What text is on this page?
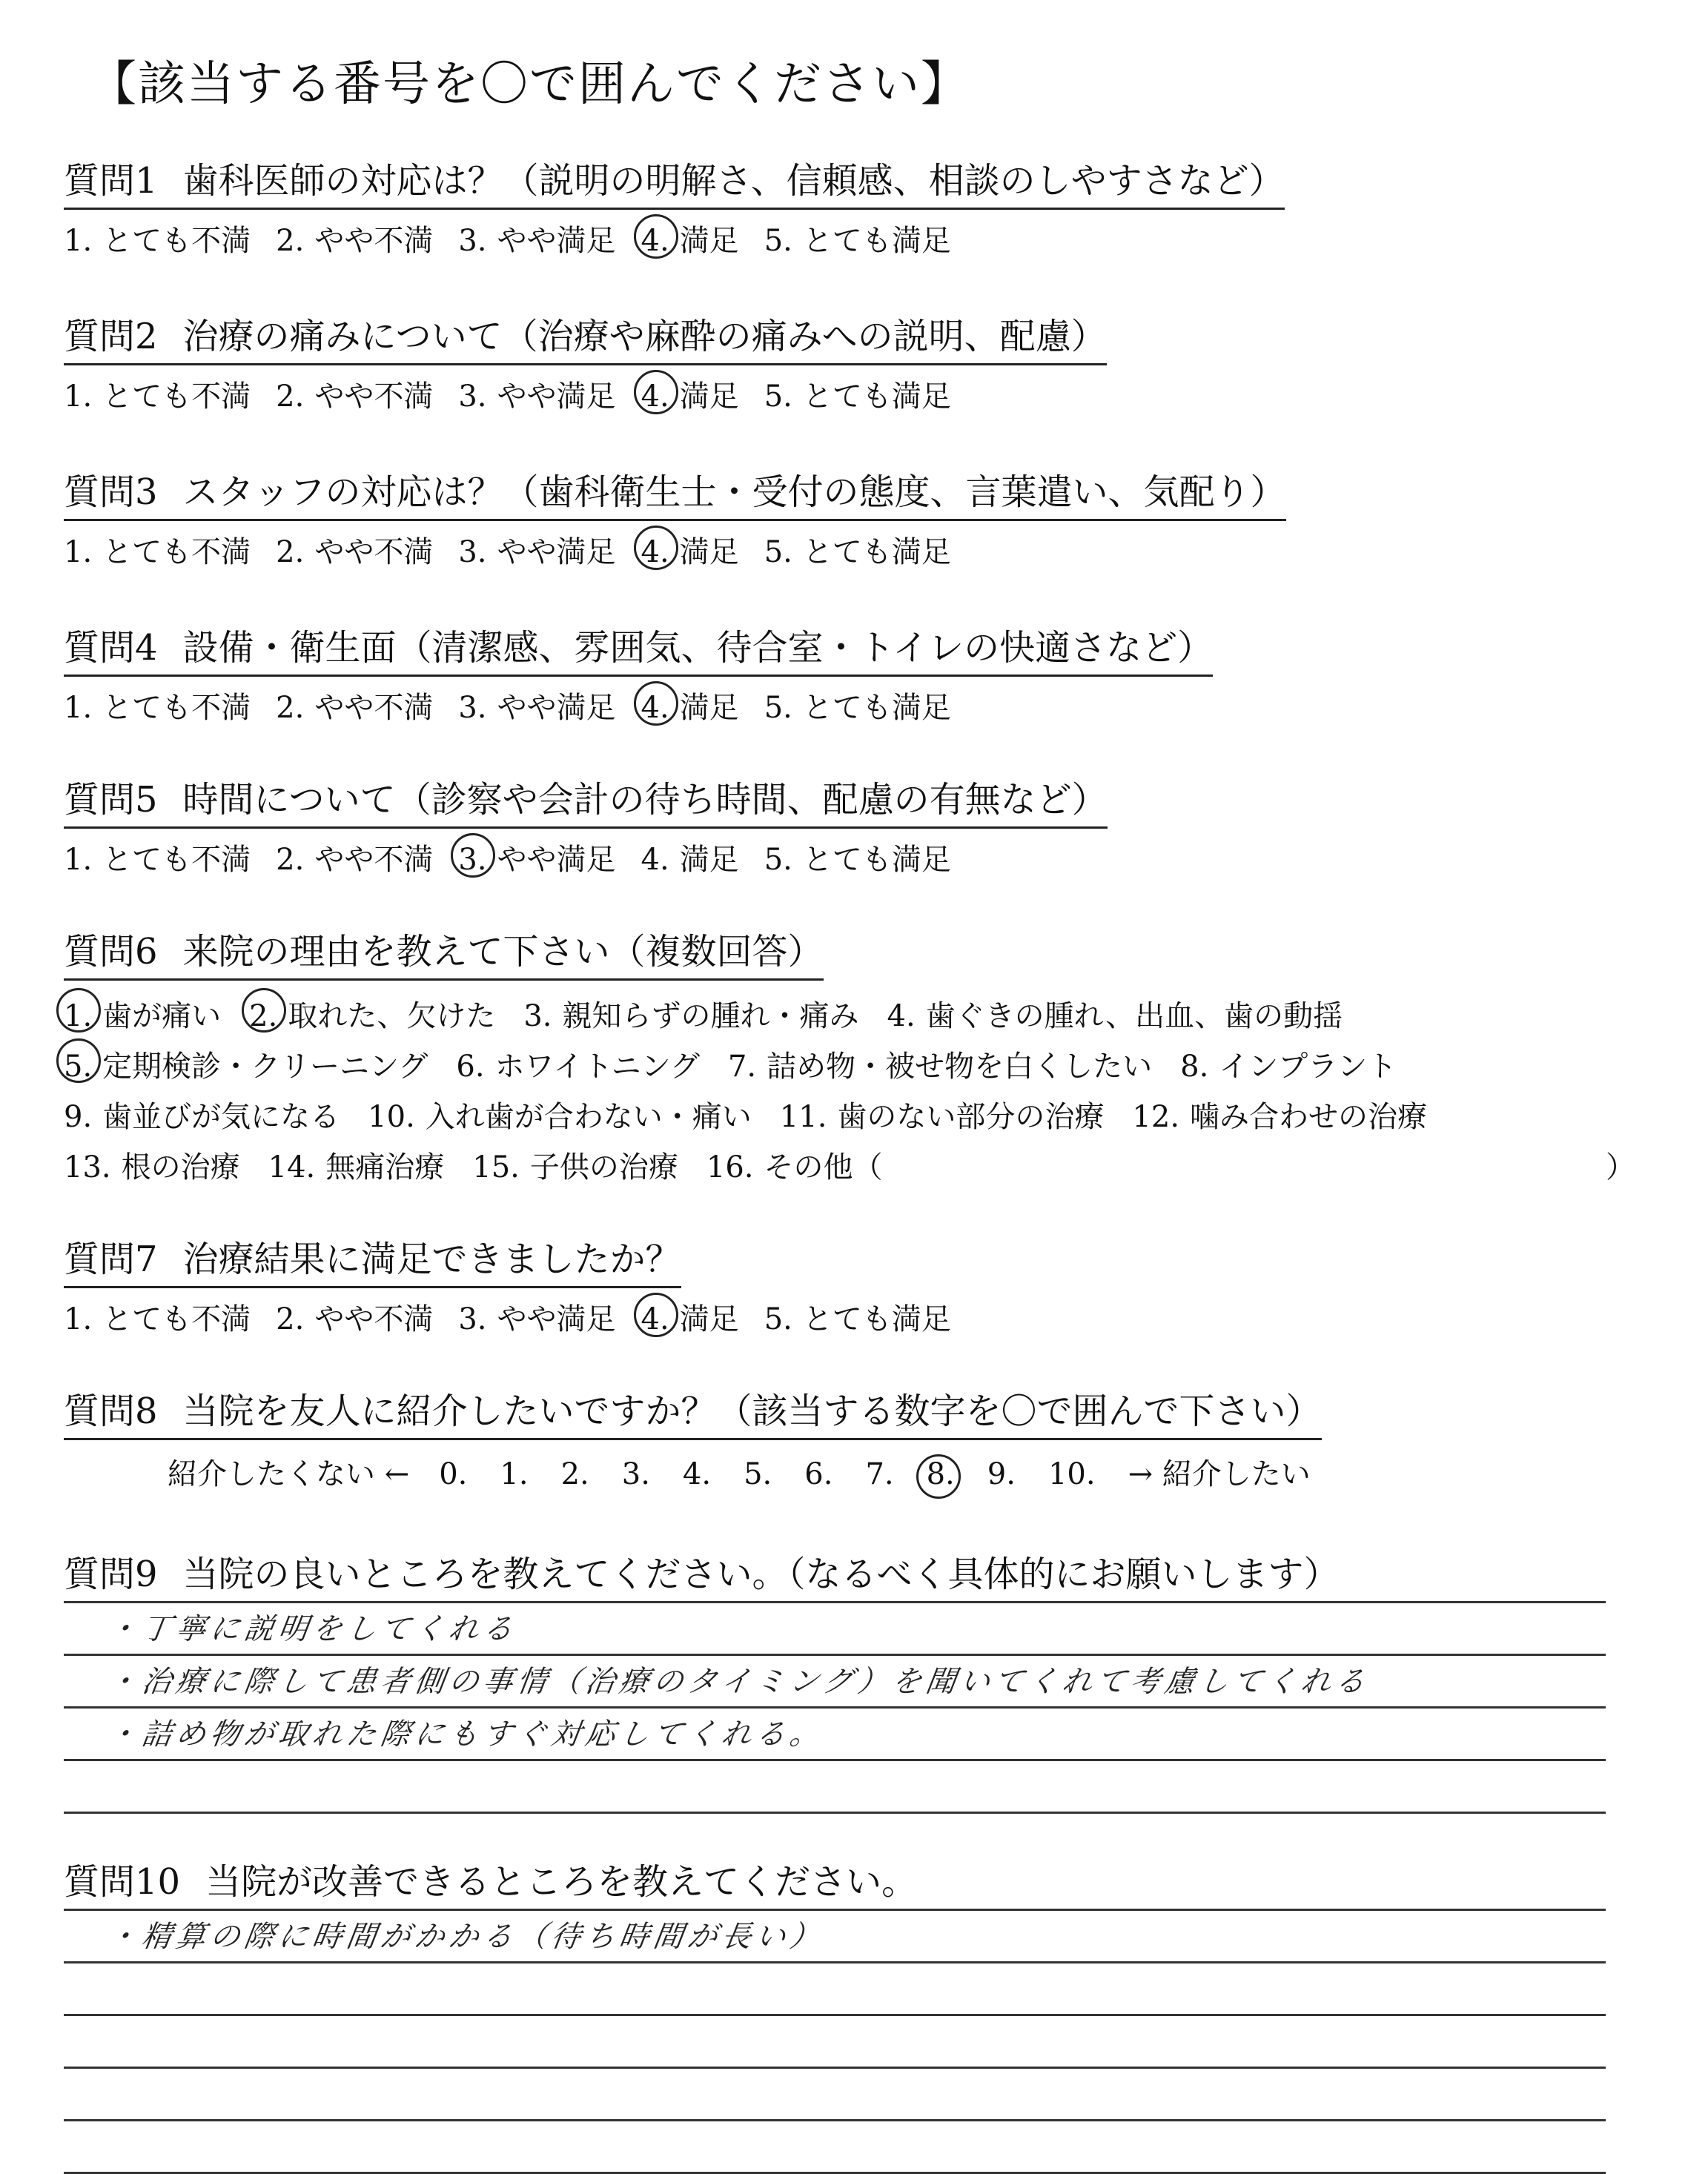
【該当する番号を〇で囲んでください】
質問1 歯科医師の対応は？（説明の明解さ、信頼感、相談のしやすさなど）
1. とても不満 2. やや不満 3. やや満足 4. 満足 5. とても満足
質問2 治療の痛みについて（治療や麻酔の痛みへの説明、配慮）
1. とても不満 2. やや不満 3. やや満足 4. 満足 5. とても満足
質問3 スタッフの対応は？（歯科衛生士・受付の態度、言葉遣い、気配り）
1. とても不満 2. やや不満 3. やや満足 4. 満足 5. とても満足
質問4 設備・衛生面（清潔感、雰囲気、待合室・トイレの快適さなど）
1. とても不満 2. やや不満 3. やや満足 4. 満足 5. とても満足
質問5 時間について（診察や会計の待ち時間、配慮の有無など）
1. とても不満 2. やや不満 3. やや満足 4. 満足 5. とても満足
質問6 来院の理由を教えて下さい（複数回答）
1. 歯が痛い 2. 取れた、欠けた 3. 親知らずの腫れ・痛み 4. 歯ぐきの腫れ、出血、歯の動揺
5. 定期検診・クリーニング 6. ホワイトニング 7. 詰め物・被せ物を白くしたい 8. インプラント
9. 歯並びが気になる 10. 入れ歯が合わない・痛い 11. 歯のない部分の治療 12. 噛み合わせの治療
13. 根の治療 14. 無痛治療 15. 子供の治療 16. その他（	）
質問7 治療結果に満足できましたか？
1. とても不満 2. やや不満 3. やや満足 4. 満足 5. とても満足
質問8 当院を友人に紹介したいですか？（該当する数字を〇で囲んで下さい）
紹介したくない ← 0. 1. 2. 3. 4. 5. 6. 7. 8. 9. 10. → 紹介したい
質問9 当院の良いところを教えてください。（なるべく具体的にお願いします）
・丁寧に説明をしてくれる
・治療に際して患者側の事情（治療のタイミング）を聞いてくれて考慮してくれる
・詰め物が取れた際にもすぐ対応してくれる。
質問10 当院が改善できるところを教えてください。
・精算の際に時間がかかる（待ち時間が長い）
